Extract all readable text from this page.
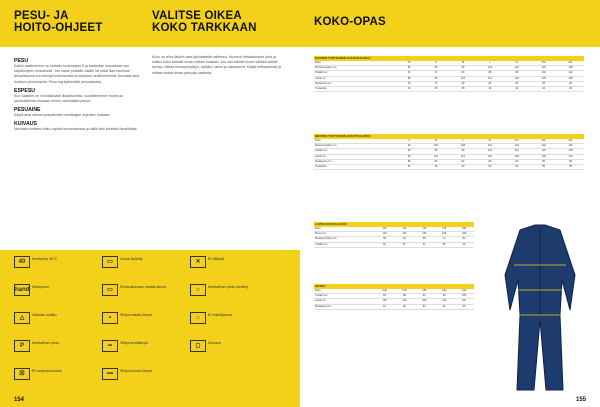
PESU- JA
HOITO-OHJEET
VALITSE OIKEA
KOKO TARKKAAN
PESU
Kaikki vaatteemme on testattu tuotesarjan 5 ja kankeaan mukaisesti sen käyttöohjeen mukaisesti. Jos vaate pestään väärin tai pitää liian suurissa lämpötiloissa voi esiintyä kutistumista ja kankaan heikkenemistä. Noudata aina tuotteen pesuohjetta. Pesu myrkyttömällä pesuaineella.
ESPESU
Kun vaatteet on voimakkaasti likaantuneita, suosittelemme esipesua pesuohjelman mukaan ennen varsinaista pesua.
PESUAINE
Käytä aina oikeaa pesuainetta valmistajan ohjeiden mukaan.
KUIVAUS
Noudata tuotteen hoito-ohjetta kuivauksessa ja vältä liian korkeita lämpötiloja.
Koko on aina tärkein asia työvaatteita valitessa. Huomioi mittataulukon koot ja valitse koko tarkasti oman mittasi mukaan. Jos olet kahden koon välissä valitse isompi. Mittaa rinnanympärys, vyötärö, lantio ja sisäsauma. Käytä mittanauhaa ja mittaa vartalo ilman paksuja vaatteita.
40	Konepesu 40°C
hand Käsinpesu
△	Valkaisu sallittu
P	Kemiallinen pesu
☒	Ei rumpukuivausta
▭	Liotus kielletty
▭	Rumpukuivaus matala lämpö
•	Silitys matala lämpö
••	Silitys keskilämpö
•••	Silitys korkea lämpö
✕	Ei silitystä
○	Kemiallinen pesu kielletty
○	Ei märkäpesua
◻	Kuivaus
154
KOKO-OPAS
NAISTEN TUOTTEIDEN KOKOTAULUKKO
Koko	XS	S	M	L	XL	XXL	3XL
Rinnanympärys cm	80	88	96	104	112	120	128
Vyötärö cm	64	72	80	88	96	104	112
Lantio cm	88	96	104	112	120	128	136
Sisäsauma cm	78	79	80	81	82	83	84
Tuotekoko	34	36	38	40	42	44	46
MIESTEN TUOTTEIDEN KOKOTAULUKKO
Koko	S	M	L	XL	XXL	3XL	4XL
Rinnanympärys cm	92	100	108	116	124	132	140
Vyötärö cm	80	88	96	104	112	120	128
Lantio cm	96	104	112	120	128	136	144
Sisäsauma cm	80	81	82	83	84	85	86
Tuotekoko	46	48	50	52	54	56	58
LASTEN KOKOTAULUKKO
Koko	110	122	134	146	158
Pituus cm	110	122	134	146	158
Rinnanympärys cm	58	62	68	74	80
Vyötärö cm	54	57	61	65	69
HOUSUT
Koko	C46	C48	C50	C52	C54
Vyötärö cm	84	88	92	96	100
Lantio cm	100	104	108	112	116
Sisäsauma cm	81	82	83	84	85
155
